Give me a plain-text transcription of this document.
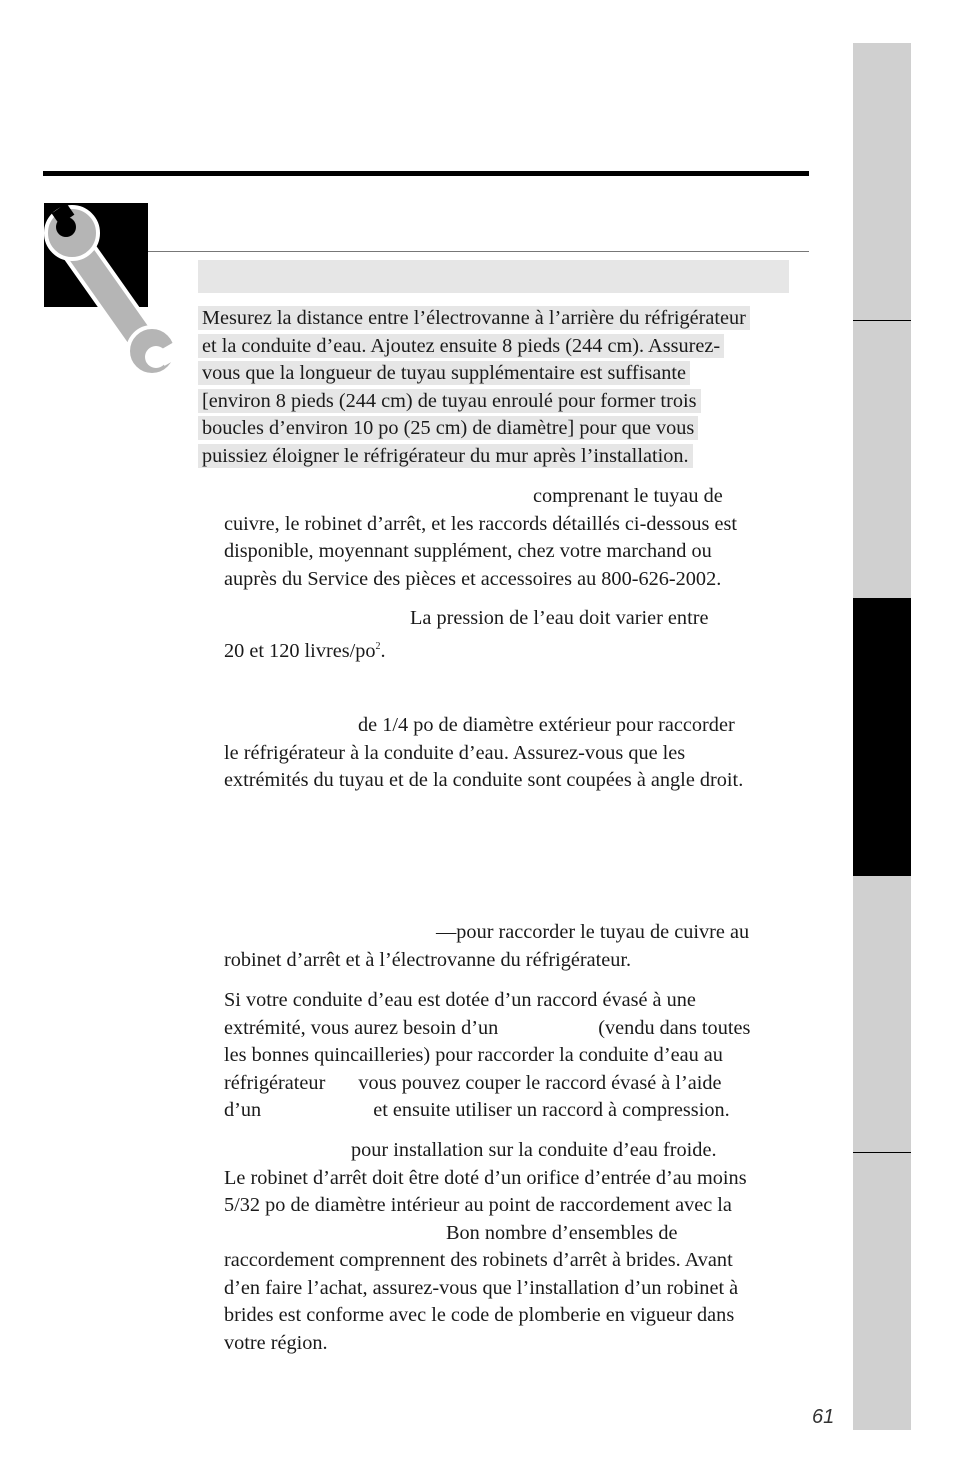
Mesurez la distance entre l’électrovanne à l’arrière du réfrigérateur
et la conduite d’eau. Ajoutez ensuite 8 pieds (244 cm). Assurez-
vous que la longueur de tuyau supplémentaire est suffisante
[environ 8 pieds (244 cm) de tuyau enroulé pour former trois
boucles d’environ 10 po (25 cm) de diamètre] pour que vous
puissiez éloigner le réfrigérateur du mur après l’installation.
comprenant le tuyau de
cuivre, le robinet d’arrêt, et les raccords détaillés ci-dessous est
disponible, moyennant supplément, chez votre marchand ou
auprès du Service des pièces et accessoires au 800-626-2002.
La pression de l’eau doit varier entre
20 et 120 livres/$po^2$.
de 1/4 po de diamètre extérieur pour raccorder
le réfrigérateur à la conduite d’eau. Assurez-vous que les
extrémités du tuyau et de la conduite sont coupées à angle droit.
—pour raccorder le tuyau de cuivre au
robinet d’arrêt et à l’électrovanne du réfrigérateur.
Si votre conduite d’eau est dotée d’un raccord évasé à une
extrémité, vous aurez besoin d’un	(vendu dans toutes
les bonnes quincailleries) pour raccorder la conduite d’eau au
réfrigérateur vous pouvez couper le raccord évasé à l’aide
d’un	et ensuite utiliser un raccord à compression.
pour installation sur la conduite d’eau froide.
Le robinet d’arrêt doit être doté d’un orifice d’entrée d’au moins
5/32 po de diamètre intérieur au point de raccordement avec la
Bon nombre d’ensembles de
raccordement comprennent des robinets d’arrêt à brides. Avant
d’en faire l’achat, assurez-vous que l’installation d’un robinet à
brides est conforme avec le code de plomberie en vigueur dans
votre région.
61
